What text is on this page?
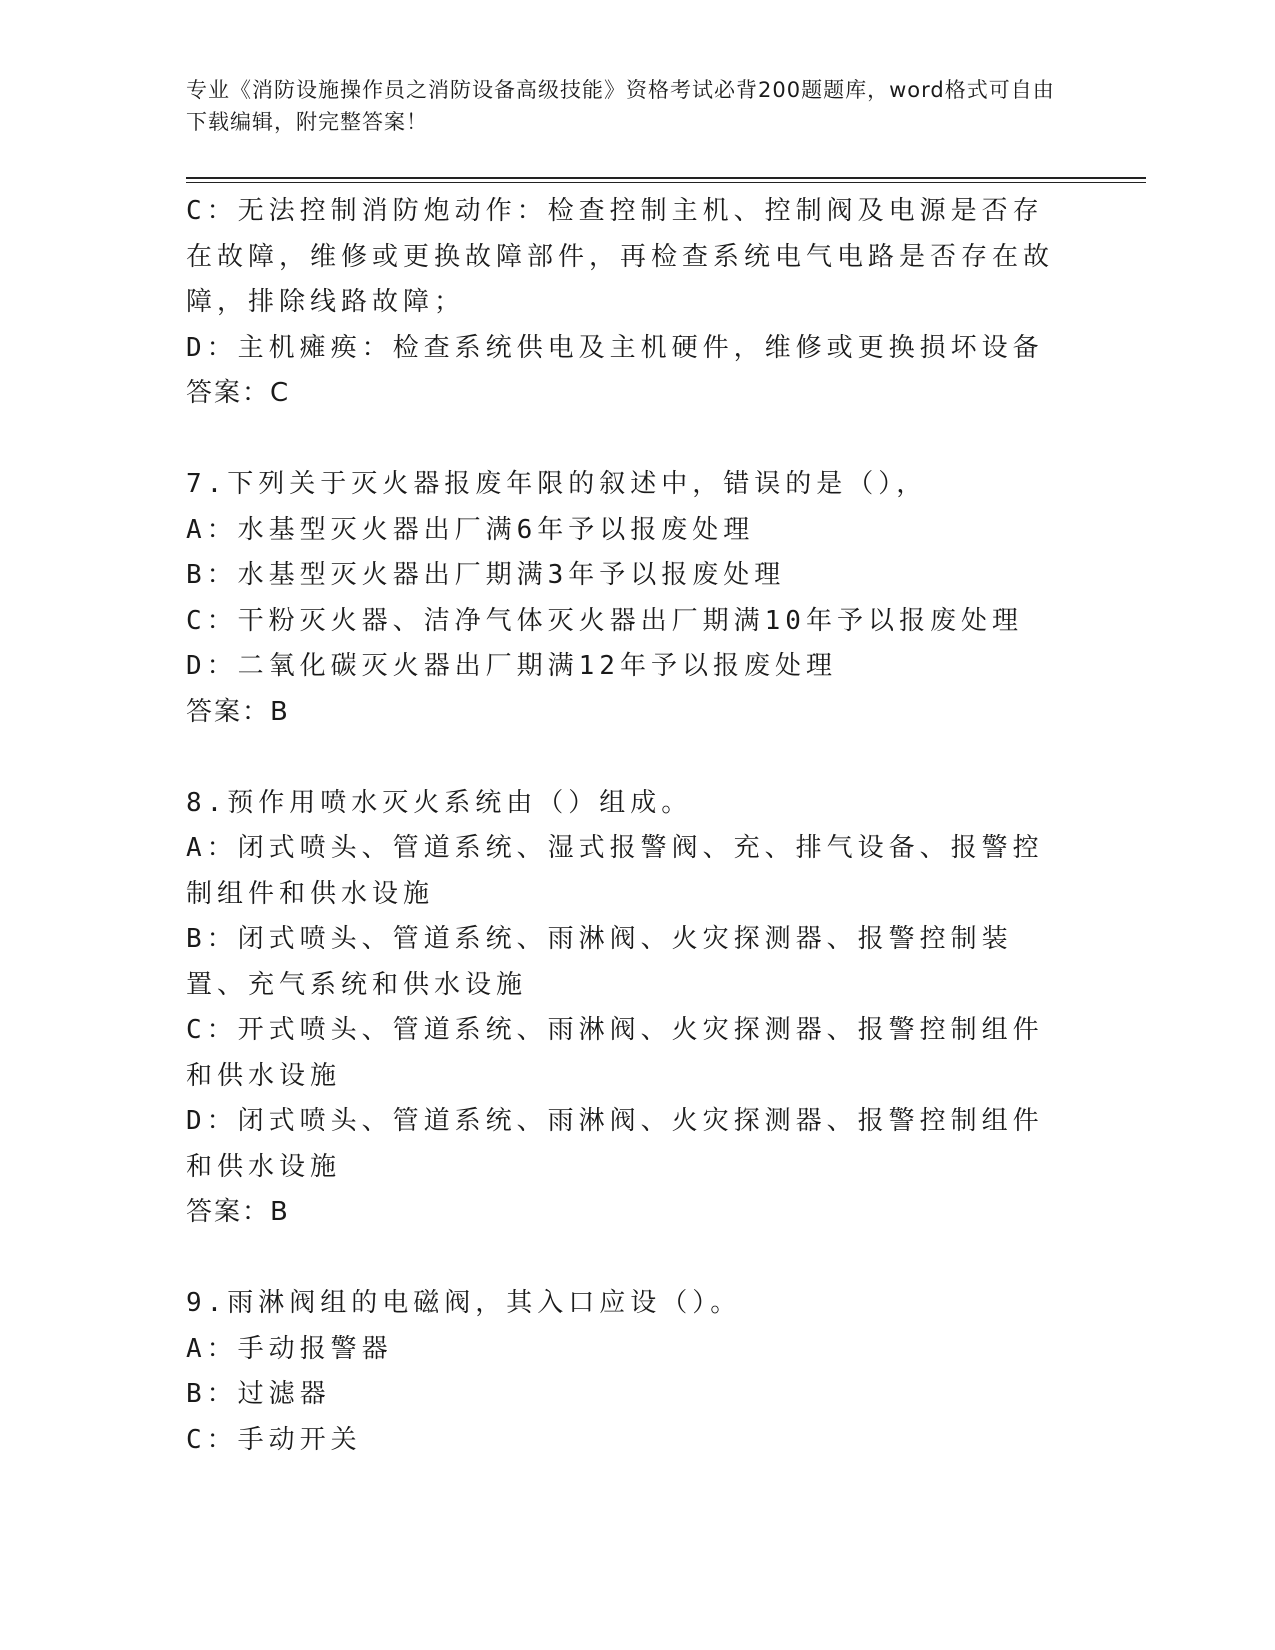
专业《消防设施操作员之消防设备高级技能》资格考试必背200题题库，word格式可自由下载编辑，附完整答案！
C：无法控制消防炮动作：检查控制主机、控制阀及电源是否存在故障，维修或更换故障部件，再检查系统电气电路是否存在故障，排除线路故障；
D：主机瘫痪：检查系统供电及主机硬件，维修或更换损坏设备
答案：C
7.下列关于灭火器报废年限的叙述中，错误的是（），
A：水基型灭火器出厂满6年予以报废处理
B：水基型灭火器出厂期满3年予以报废处理
C：干粉灭火器、洁净气体灭火器出厂期满10年予以报废处理
D：二氧化碳灭火器出厂期满12年予以报废处理
答案：B
8.预作用喷水灭火系统由（）组成。
A：闭式喷头、管道系统、湿式报警阀、充、排气设备、报警控制组件和供水设施
B：闭式喷头、管道系统、雨淋阀、火灾探测器、报警控制装置、充气系统和供水设施
C：开式喷头、管道系统、雨淋阀、火灾探测器、报警控制组件和供水设施
D：闭式喷头、管道系统、雨淋阀、火灾探测器、报警控制组件和供水设施
答案：B
9.雨淋阀组的电磁阀，其入口应设（）。
A：手动报警器
B：过滤器
C：手动开关
